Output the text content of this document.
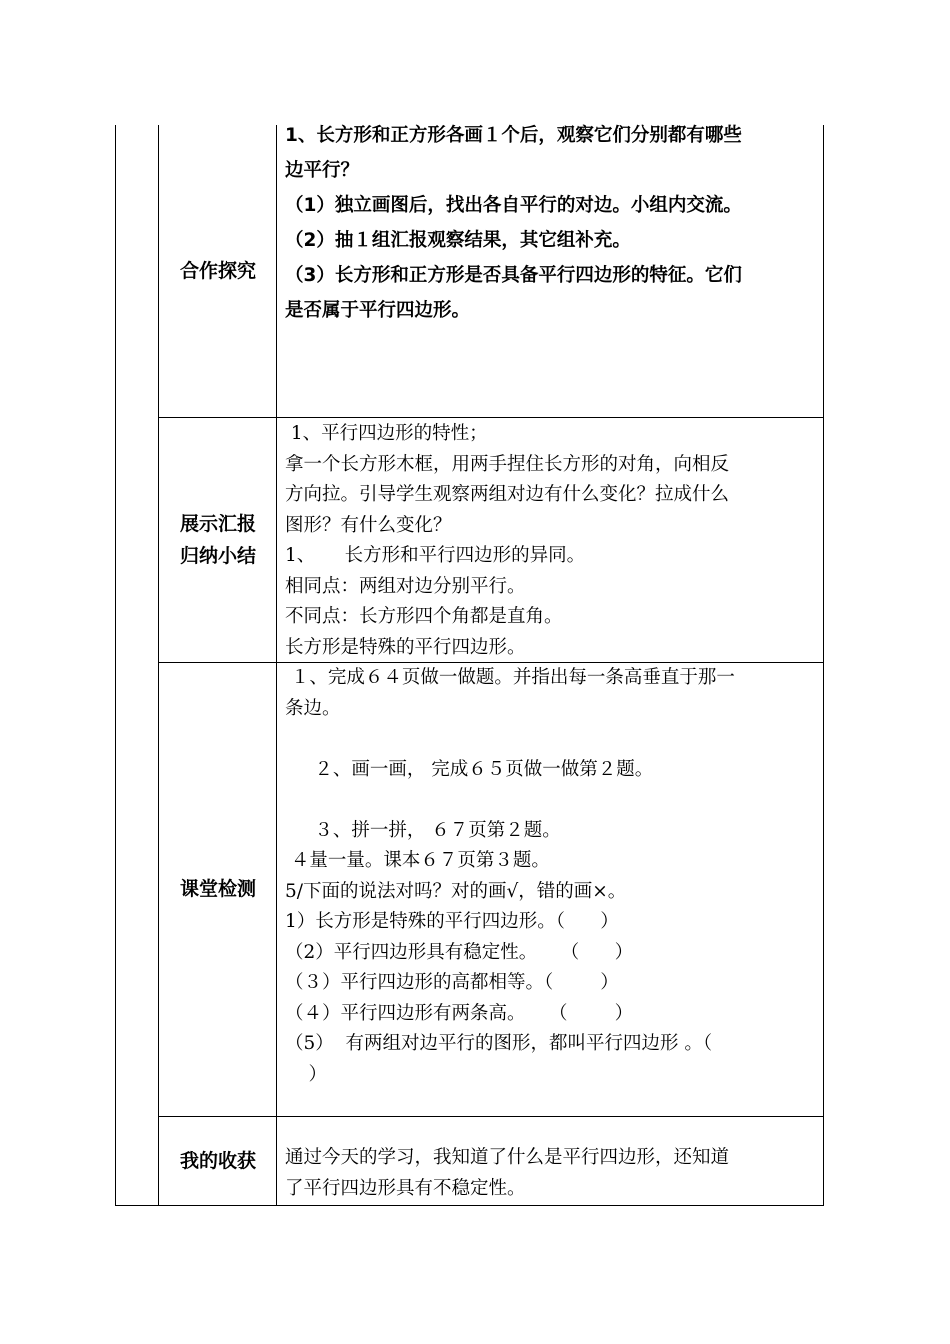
合作探究

1、长方形和正方形各画１个后，观察它们分别都有哪些

边平行？

（1）独立画图后，找出各自平行的对边。小组内交流。

（2）抽１组汇报观察结果，其它组补充。

（3）长方形和正方形是否具备平行四边形的特征。它们

是否属于平行四边形。

展示汇报
归纳小结

1、平行四边形的特性；

拿一个长方形木框，用两手捏住长方形的对角，向相反

方向拉。引导学生观察两组对边有什么变化？拉成什么

图形？有什么变化？

1、     长方形和平行四边形的异同。

相同点：两组对边分别平行。

不同点：长方形四个角都是直角。

长方形是特殊的平行四边形。

课堂检测

１、完成６４页做一做题。并指出每一条高垂直于那一

条边。

２、画一画， 完成６５页做一做第２题。

３、拼一拼， ６７页第２题。

４量一量。课本６７页第３题。

5/下面的说法对吗？对的画√，错的画×。

1）长方形是特殊的平行四边形。（      ）

（2）平行四边形具有稳定性。    （      ）

（３）平行四边形的高都相等。（        ）

（４）平行四边形有两条高。    （        ）

（5）  有两组对边平行的图形，都叫平行四边形 。（

）

我的收获 通过今天的学习，我知道了什么是平行四边形，还知道

了平行四边形具有不稳定性。
